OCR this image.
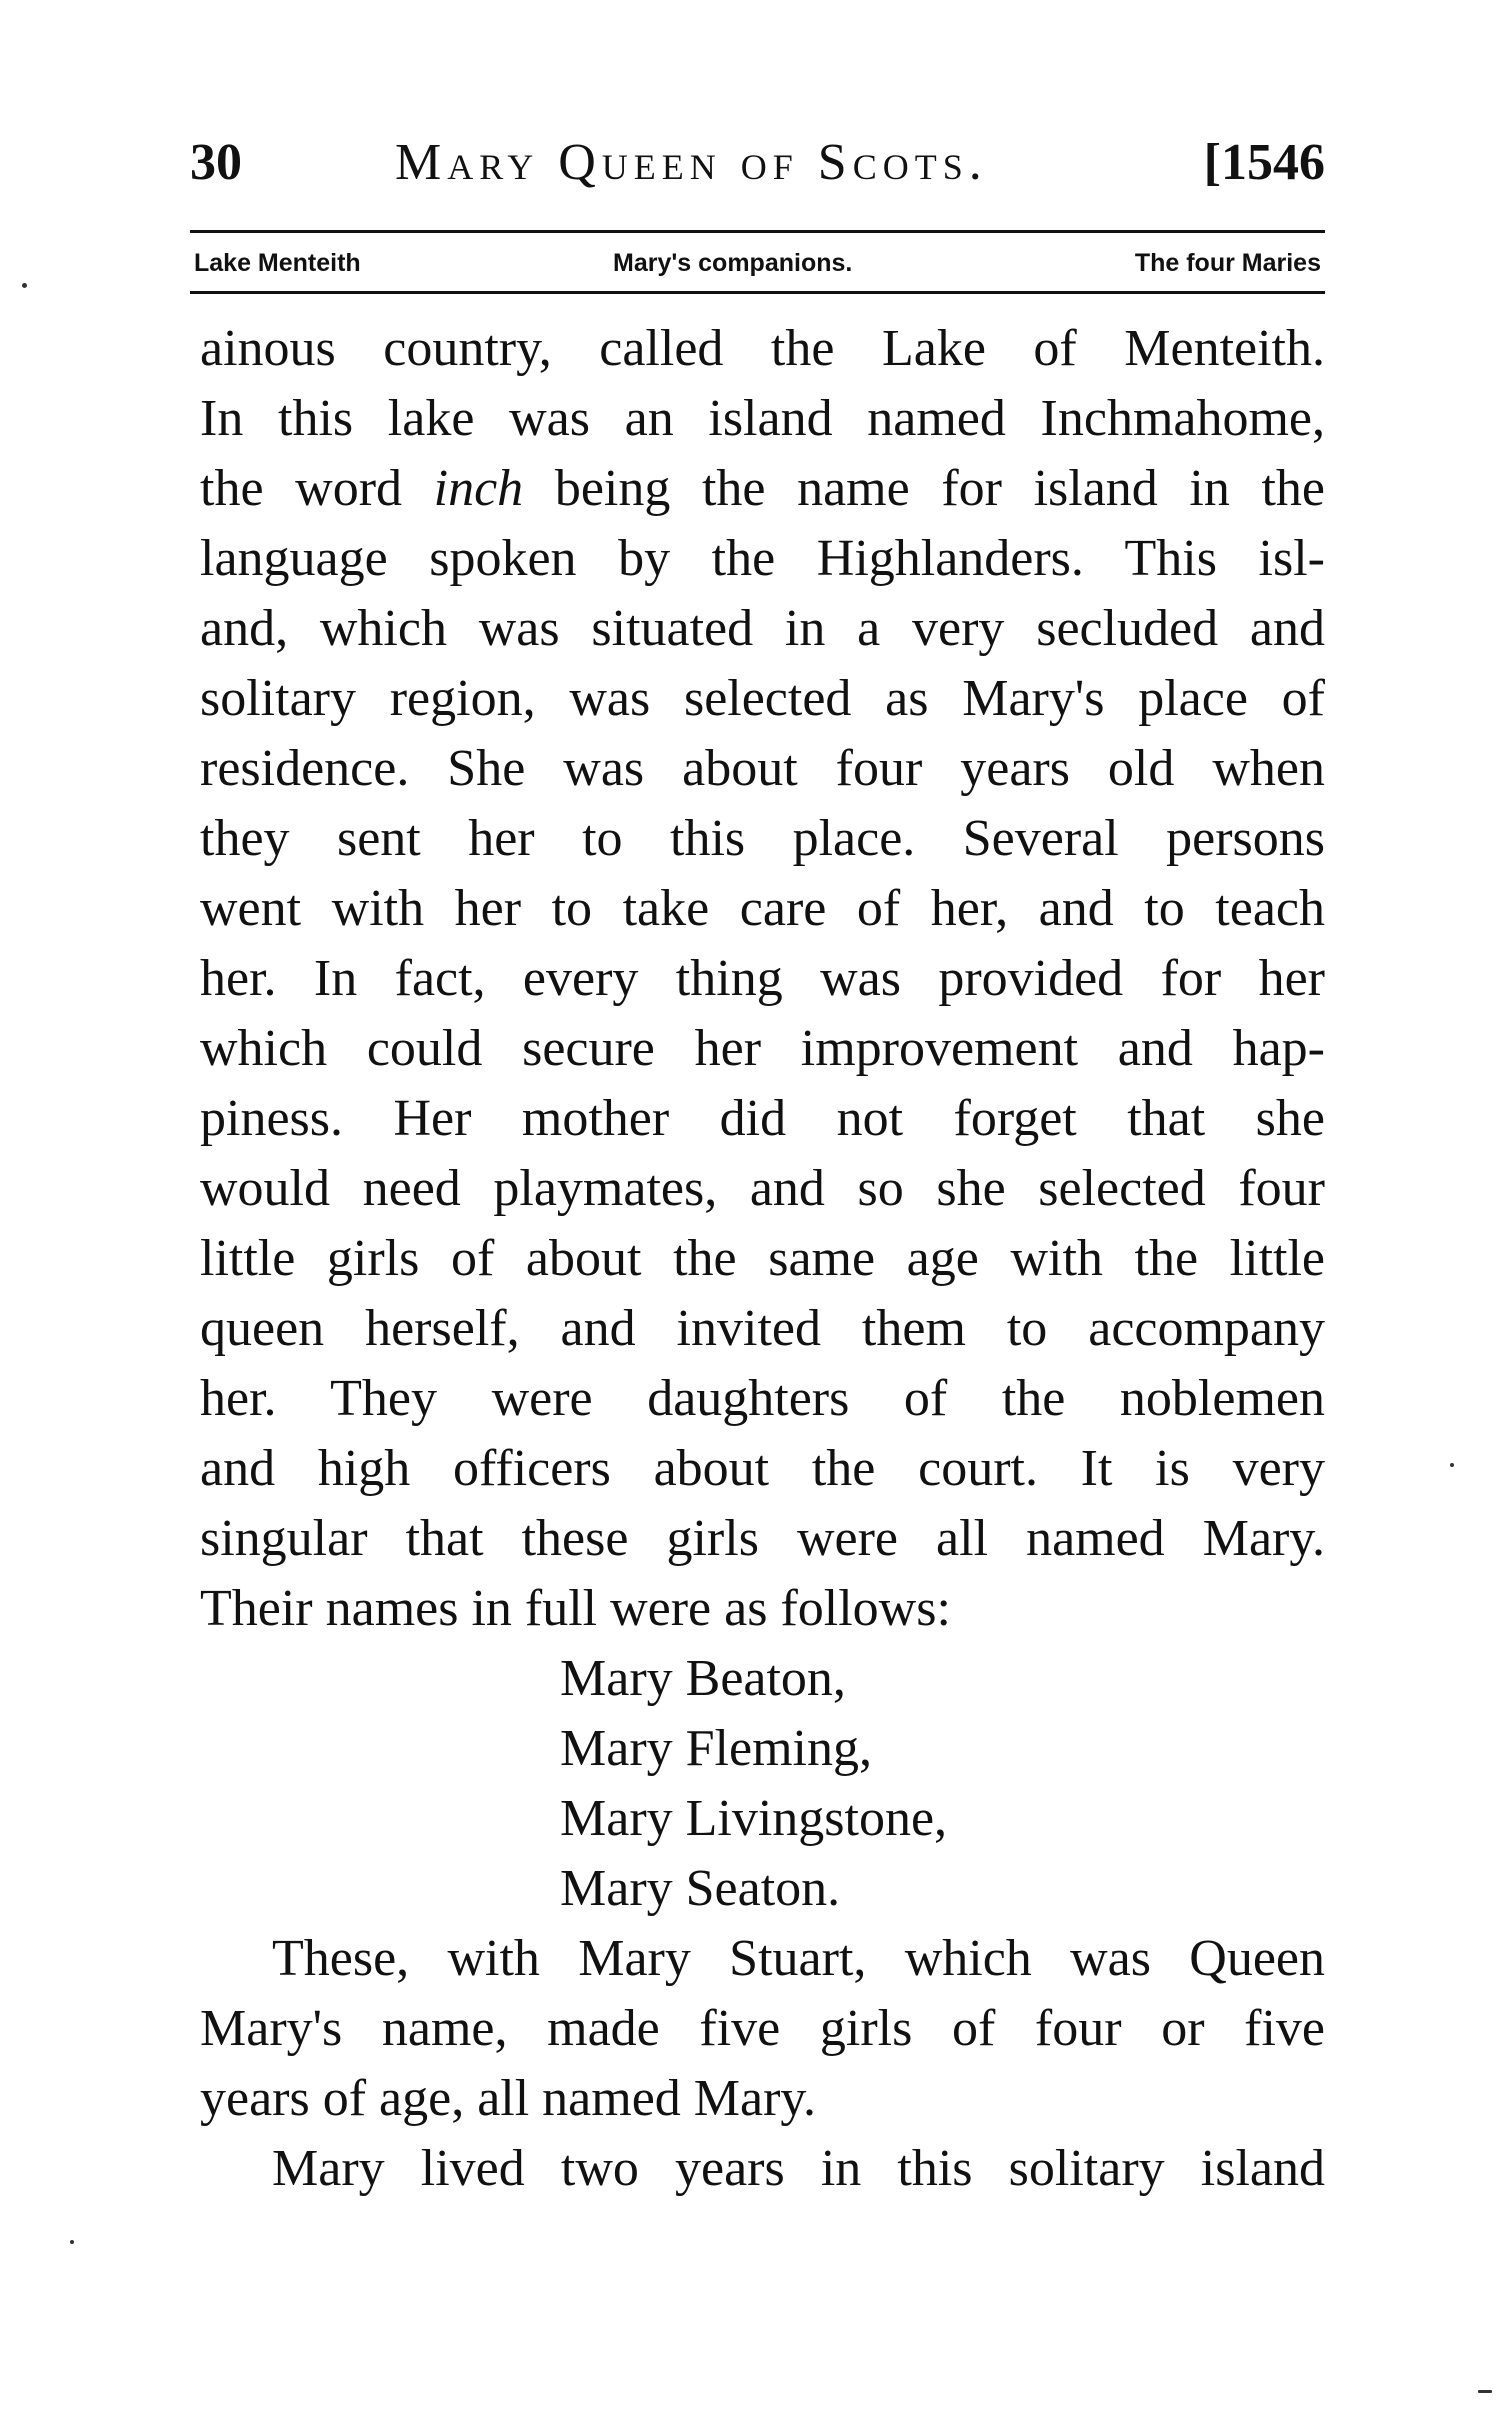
30	Mary Queen of Scots.	[1546
Lake Menteith	Mary's companions.	The four Maries
ainous country, called the Lake of Menteith.
In this lake was an island named Inchmahome,
the word inch being the name for island in the
language spoken by the Highlanders. This isl-
and, which was situated in a very secluded and
solitary region, was selected as Mary's place of
residence. She was about four years old when
they sent her to this place. Several persons
went with her to take care of her, and to teach
her. In fact, every thing was provided for her
which could secure her improvement and hap-
piness. Her mother did not forget that she
would need playmates, and so she selected four
little girls of about the same age with the little
queen herself, and invited them to accompany
her. They were daughters of the noblemen
and high officers about the court. It is very
singular that these girls were all named Mary.
Their names in full were as follows:
Mary Beaton,
Mary Fleming,
Mary Livingstone,
Mary Seaton.
These, with Mary Stuart, which was Queen
Mary's name, made five girls of four or five
years of age, all named Mary.
Mary lived two years in this solitary island
